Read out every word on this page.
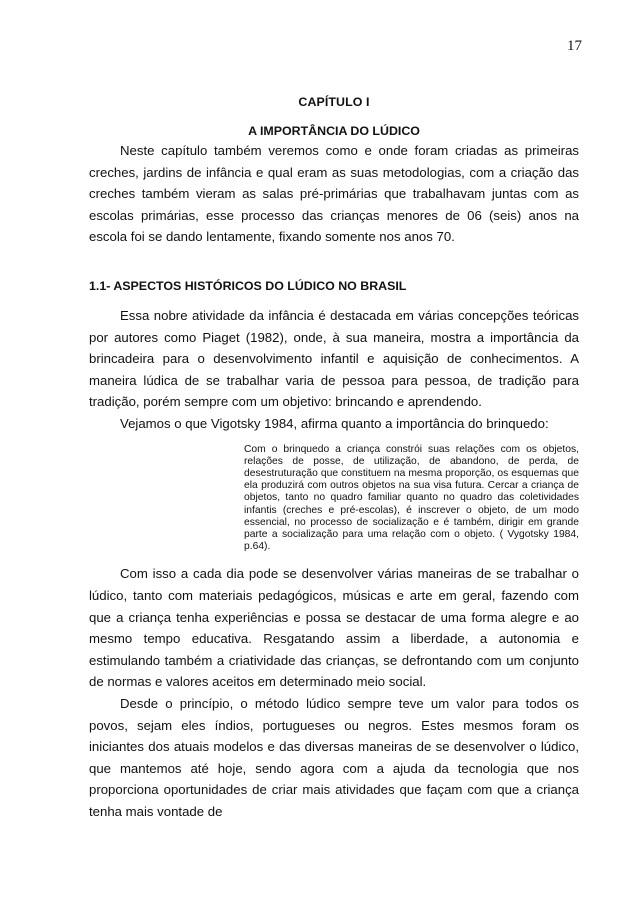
17
CAPÍTULO I
A IMPORTÂNCIA DO LÚDICO

Neste capítulo também veremos como e onde foram criadas as primeiras creches, jardins de infância e qual eram as suas metodologias, com a criação das creches também vieram as salas pré-primárias que trabalhavam juntas com as escolas primárias, esse processo das crianças menores de 06 (seis) anos na escola foi se dando lentamente, fixando somente nos anos 70.

1.1- ASPECTOS HISTÓRICOS DO LÚDICO NO BRASIL

Essa nobre atividade da infância é destacada em várias concepções teóricas por autores como Piaget (1982), onde, à sua maneira, mostra a importância da brincadeira para o desenvolvimento infantil e aquisição de conhecimentos. A maneira lúdica de se trabalhar varia de pessoa para pessoa, de tradição para tradição, porém sempre com um objetivo: brincando e aprendendo.

Vejamos o que Vigotsky 1984, afirma quanto a importância do brinquedo:

Com o brinquedo a criança constrói suas relações com os objetos, relações de posse, de utilização, de abandono, de perda, de desestruturação que constituem na mesma proporção, os esquemas que ela produzirá com outros objetos na sua visa futura. Cercar a criança de objetos, tanto no quadro familiar quanto no quadro das coletividades infantis (creches e pré-escolas), é inscrever o objeto, de um modo essencial, no processo de socialização e é também, dirigir em grande parte a socialização para uma relação com o objeto. ( Vygotsky 1984, p.64).

Com isso a cada dia pode se desenvolver várias maneiras de se trabalhar o lúdico, tanto com materiais pedagógicos, músicas e arte em geral, fazendo com que a criança tenha experiências e possa se destacar de uma forma alegre e ao mesmo tempo educativa. Resgatando assim a liberdade, a autonomia e estimulando também a criatividade das crianças, se defrontando com um conjunto de normas e valores aceitos em determinado meio social.

Desde o princípio, o método lúdico sempre teve um valor para todos os povos, sejam eles índios, portugueses ou negros. Estes mesmos foram os iniciantes dos atuais modelos e das diversas maneiras de se desenvolver o lúdico, que mantemos até hoje, sendo agora com a ajuda da tecnologia que nos proporciona oportunidades de criar mais atividades que façam com que a criança tenha mais vontade de
